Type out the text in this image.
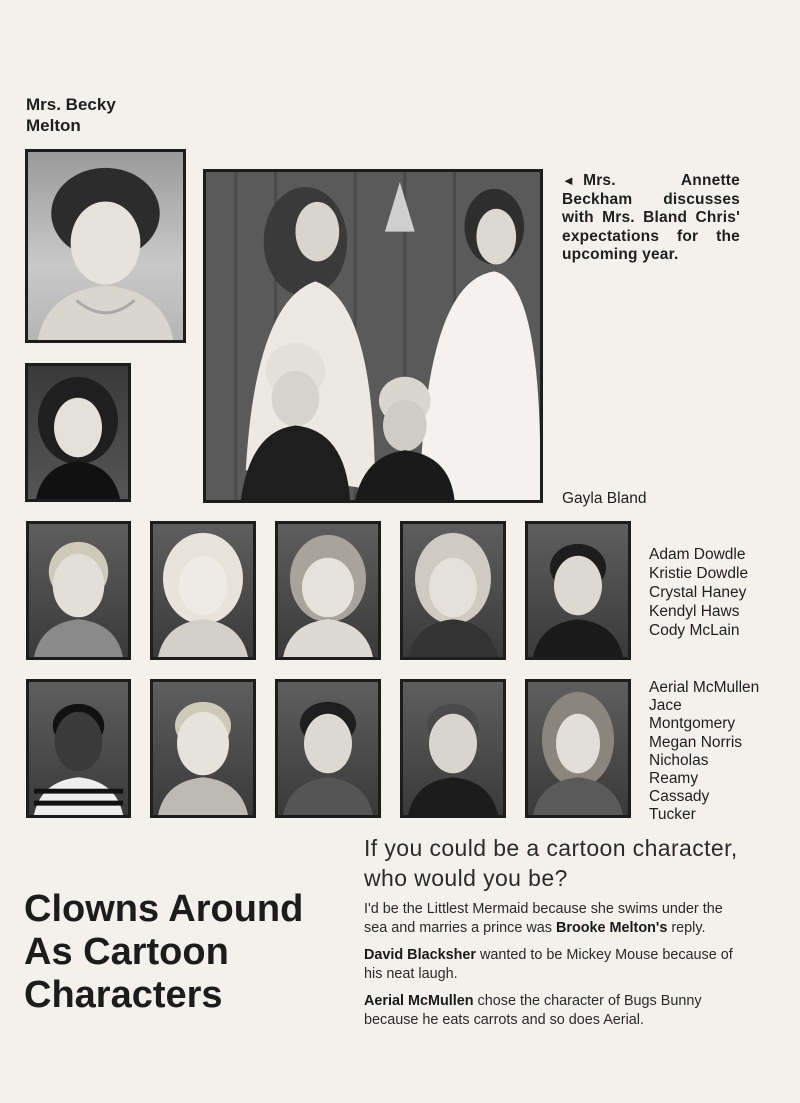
Mrs. Becky
Melton
◄ Mrs. Annette Beckham discusses with Mrs. Bland Chris' expectations for the upcoming year.
Gayla Bland
Adam Dowdle
Kristie Dowdle
Crystal Haney
Kendyl Haws
Cody McLain
Aerial McMullen
Jace
Montgomery
Megan Norris
Nicholas
Reamy
Cassady
Tucker
If you could be a cartoon character, who would you be?
Clowns Around
As Cartoon
Characters

I'd be the Littlest Mermaid because she swims under the sea and marries a prince was Brooke Melton's reply.

David Blacksher wanted to be Mickey Mouse because of his neat laugh.

Aerial McMullen chose the character of Bugs Bunny because he eats carrots and so does Aerial.
